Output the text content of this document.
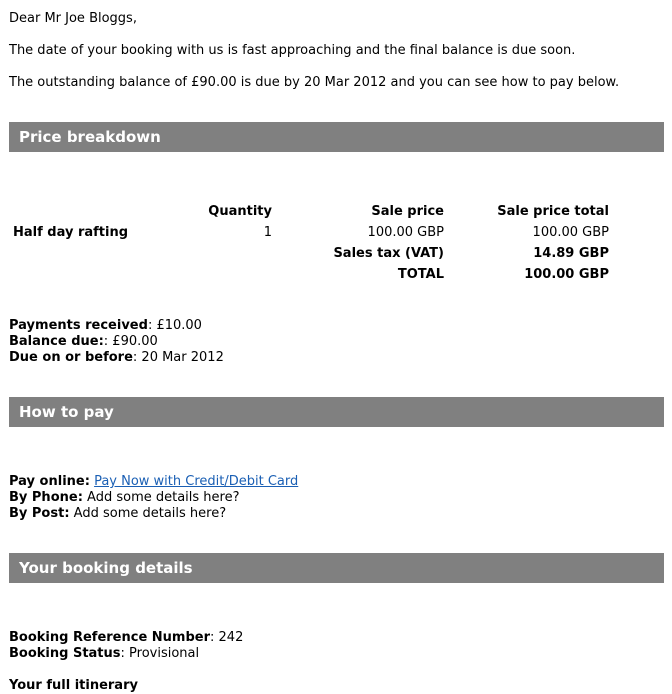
Dear Mr Joe Bloggs,

The date of your booking with us is fast approaching and the final balance is due soon.

The outstanding balance of £90.00 is due by 20 Mar 2012 and you can see how to pay below.

Price breakdown
	Quantity	Sale price	Sale price total
Half day rafting	1	100.00 GBP	100.00 GBP
		Sales tax (VAT)	14.89 GBP
		TOTAL	100.00 GBP
Payments received: £10.00
Balance due:: £90.00
Due on or before: 20 Mar 2012
How to pay
Pay online: Pay Now with Credit/Debit Card
By Phone: Add some details here?
By Post: Add some details here?
Your booking details
Booking Reference Number: 242
Booking Status: Provisional
Your full itinerary
